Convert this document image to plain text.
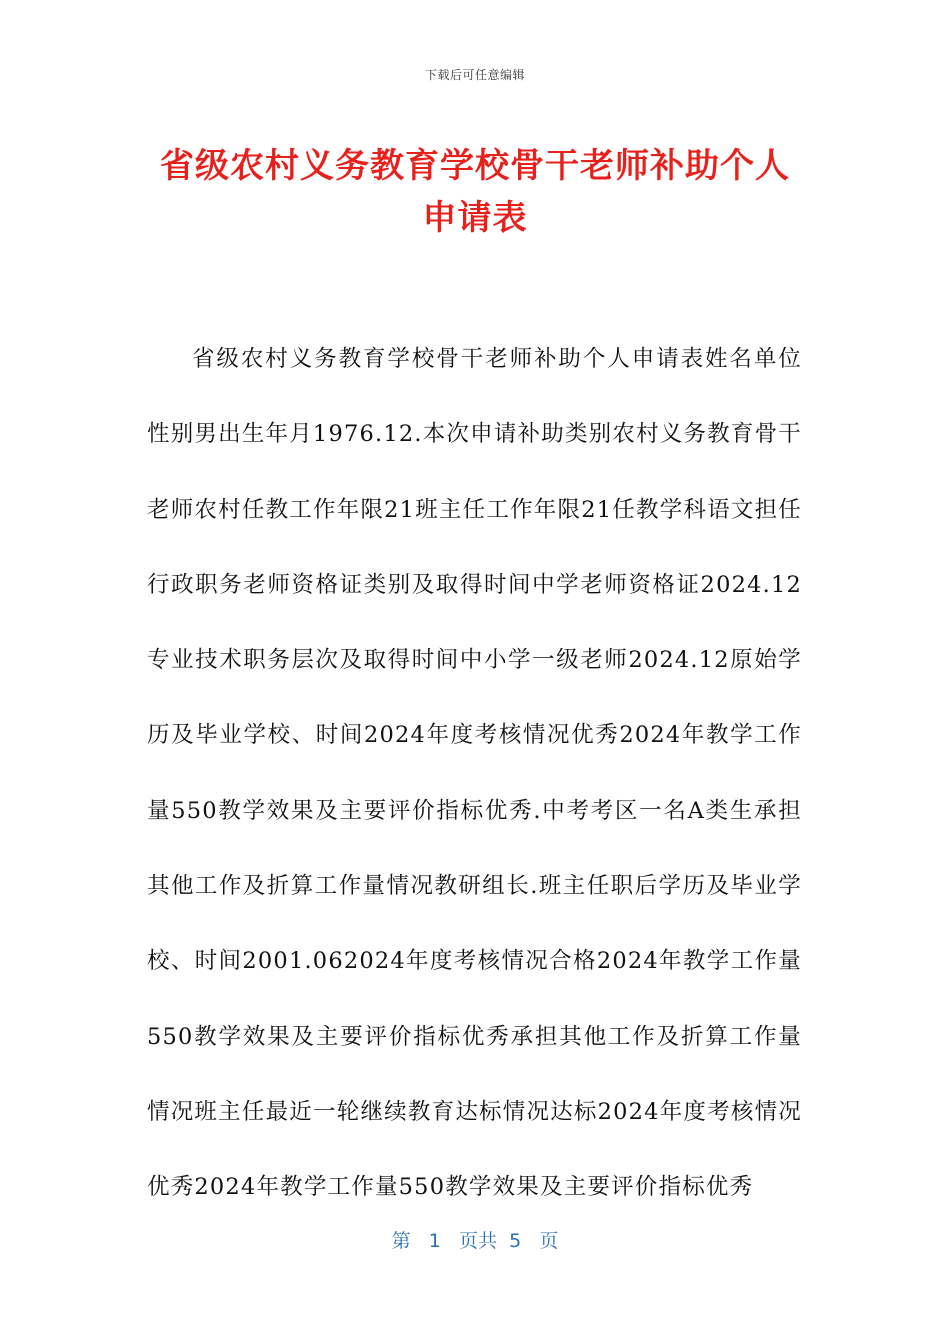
下载后可任意编辑
省级农村义务教育学校骨干老师补助个人申请表

省级农村义务教育学校骨干老师补助个人申请表姓名单位性别男出生年月1976.12.本次申请补助类别农村义务教育骨干老师农村任教工作年限21班主任工作年限21任教学科语文担任行政职务老师资格证类别及取得时间中学老师资格证2024.12专业技术职务层次及取得时间中小学一级老师2024.12原始学历及毕业学校、时间2024年度考核情况优秀2024年教学工作量550教学效果及主要评价指标优秀.中考考区一名A类生承担其他工作及折算工作量情况教研组长.班主任职后学历及毕业学校、时间2001.062024年度考核情况合格2024年教学工作量550教学效果及主要评价指标优秀承担其他工作及折算工作量情况班主任最近一轮继续教育达标情况达标2024年度考核情况优秀2024年教学工作量550教学效果及主要评价指标优秀

第 1 页共 5 页
